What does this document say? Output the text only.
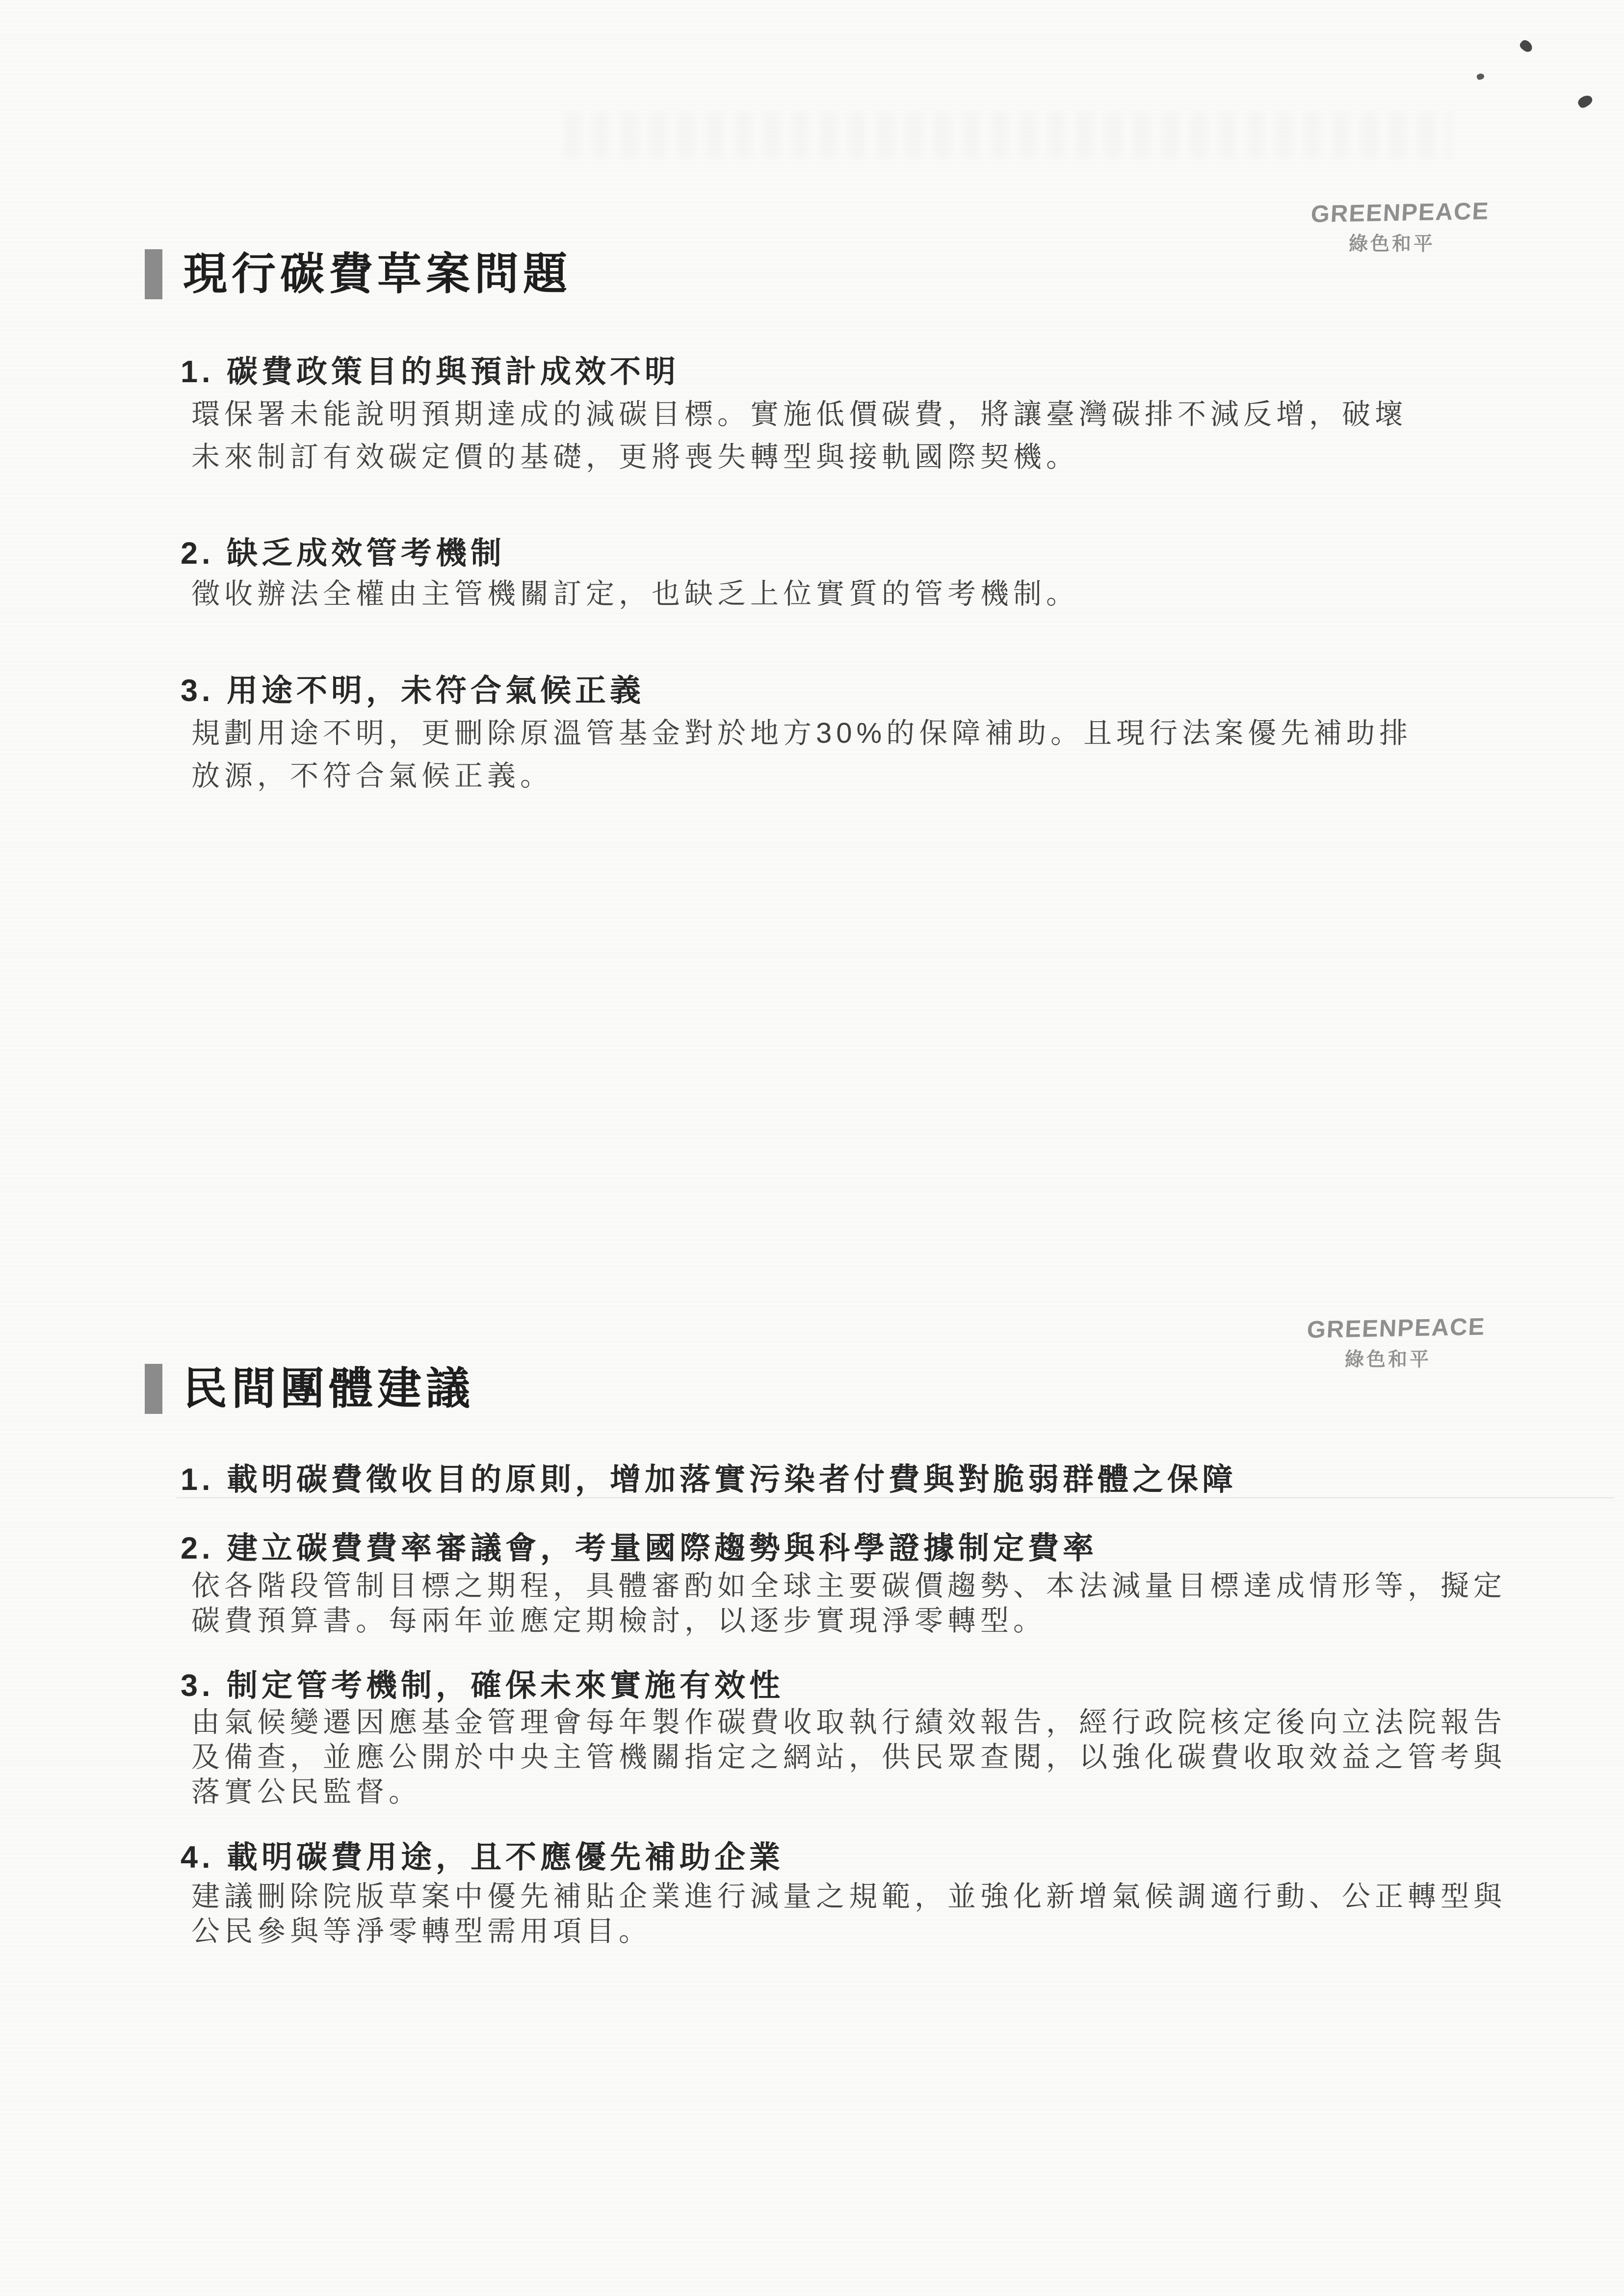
GREENPEACE
綠色和平
現行碳費草案問題
1. 碳費政策目的與預計成效不明
環保署未能說明預期達成的減碳目標。實施低價碳費，將讓臺灣碳排不減反增，破壞
未來制訂有效碳定價的基礎，更將喪失轉型與接軌國際契機。
2. 缺乏成效管考機制
徵收辦法全權由主管機關訂定，也缺乏上位實質的管考機制。
3. 用途不明，未符合氣候正義
規劃用途不明，更刪除原溫管基金對於地方30%的保障補助。且現行法案優先補助排
放源，不符合氣候正義。
GREENPEACE
綠色和平
民間團體建議
1. 載明碳費徵收目的原則，增加落實污染者付費與對脆弱群體之保障
2. 建立碳費費率審議會，考量國際趨勢與科學證據制定費率
依各階段管制目標之期程，具體審酌如全球主要碳價趨勢、本法減量目標達成情形等，擬定
碳費預算書。每兩年並應定期檢討，以逐步實現淨零轉型。
3. 制定管考機制，確保未來實施有效性
由氣候變遷因應基金管理會每年製作碳費收取執行績效報告，經行政院核定後向立法院報告
及備查，並應公開於中央主管機關指定之網站，供民眾查閱，以強化碳費收取效益之管考與
落實公民監督。
4. 載明碳費用途，且不應優先補助企業
建議刪除院版草案中優先補貼企業進行減量之規範，並強化新增氣候調適行動、公正轉型與
公民參與等淨零轉型需用項目。
